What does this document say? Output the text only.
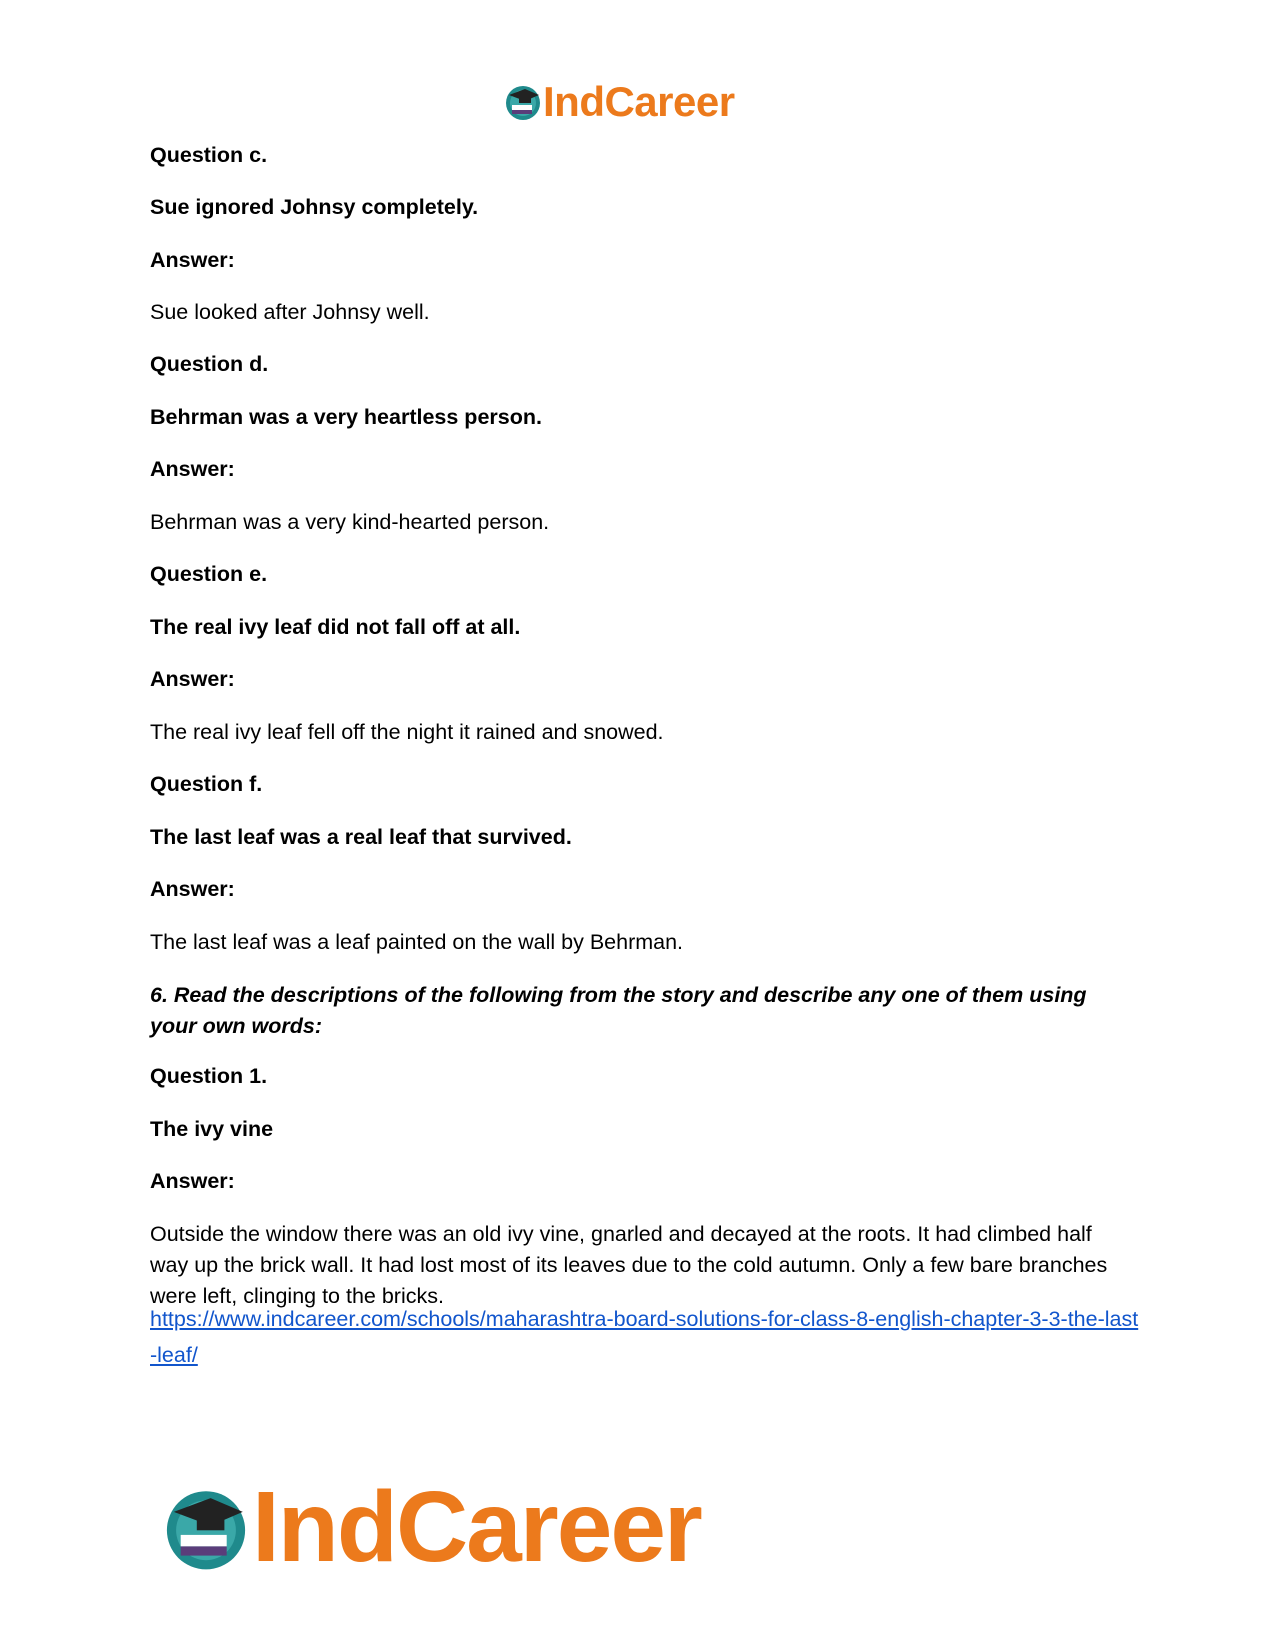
IndCareer
Question c.
Sue ignored Johnsy completely.
Answer:
Sue looked after Johnsy well.
Question d.
Behrman was a very heartless person.
Answer:
Behrman was a very kind-hearted person.
Question e.
The real ivy leaf did not fall off at all.
Answer:
The real ivy leaf fell off the night it rained and snowed.
Question f.
The last leaf was a real leaf that survived.
Answer:
The last leaf was a leaf painted on the wall by Behrman.
6. Read the descriptions of the following from the story and describe any one of them using your own words:
Question 1.
The ivy vine
Answer:
Outside the window there was an old ivy vine, gnarled and decayed at the roots. It had climbed half way up the brick wall. It had lost most of its leaves due to the cold autumn. Only a few bare branches were left, clinging to the bricks.
https://www.indcareer.com/schools/maharashtra-board-solutions-for-class-8-english-chapter-3-3-the-last-leaf/
IndCareer
